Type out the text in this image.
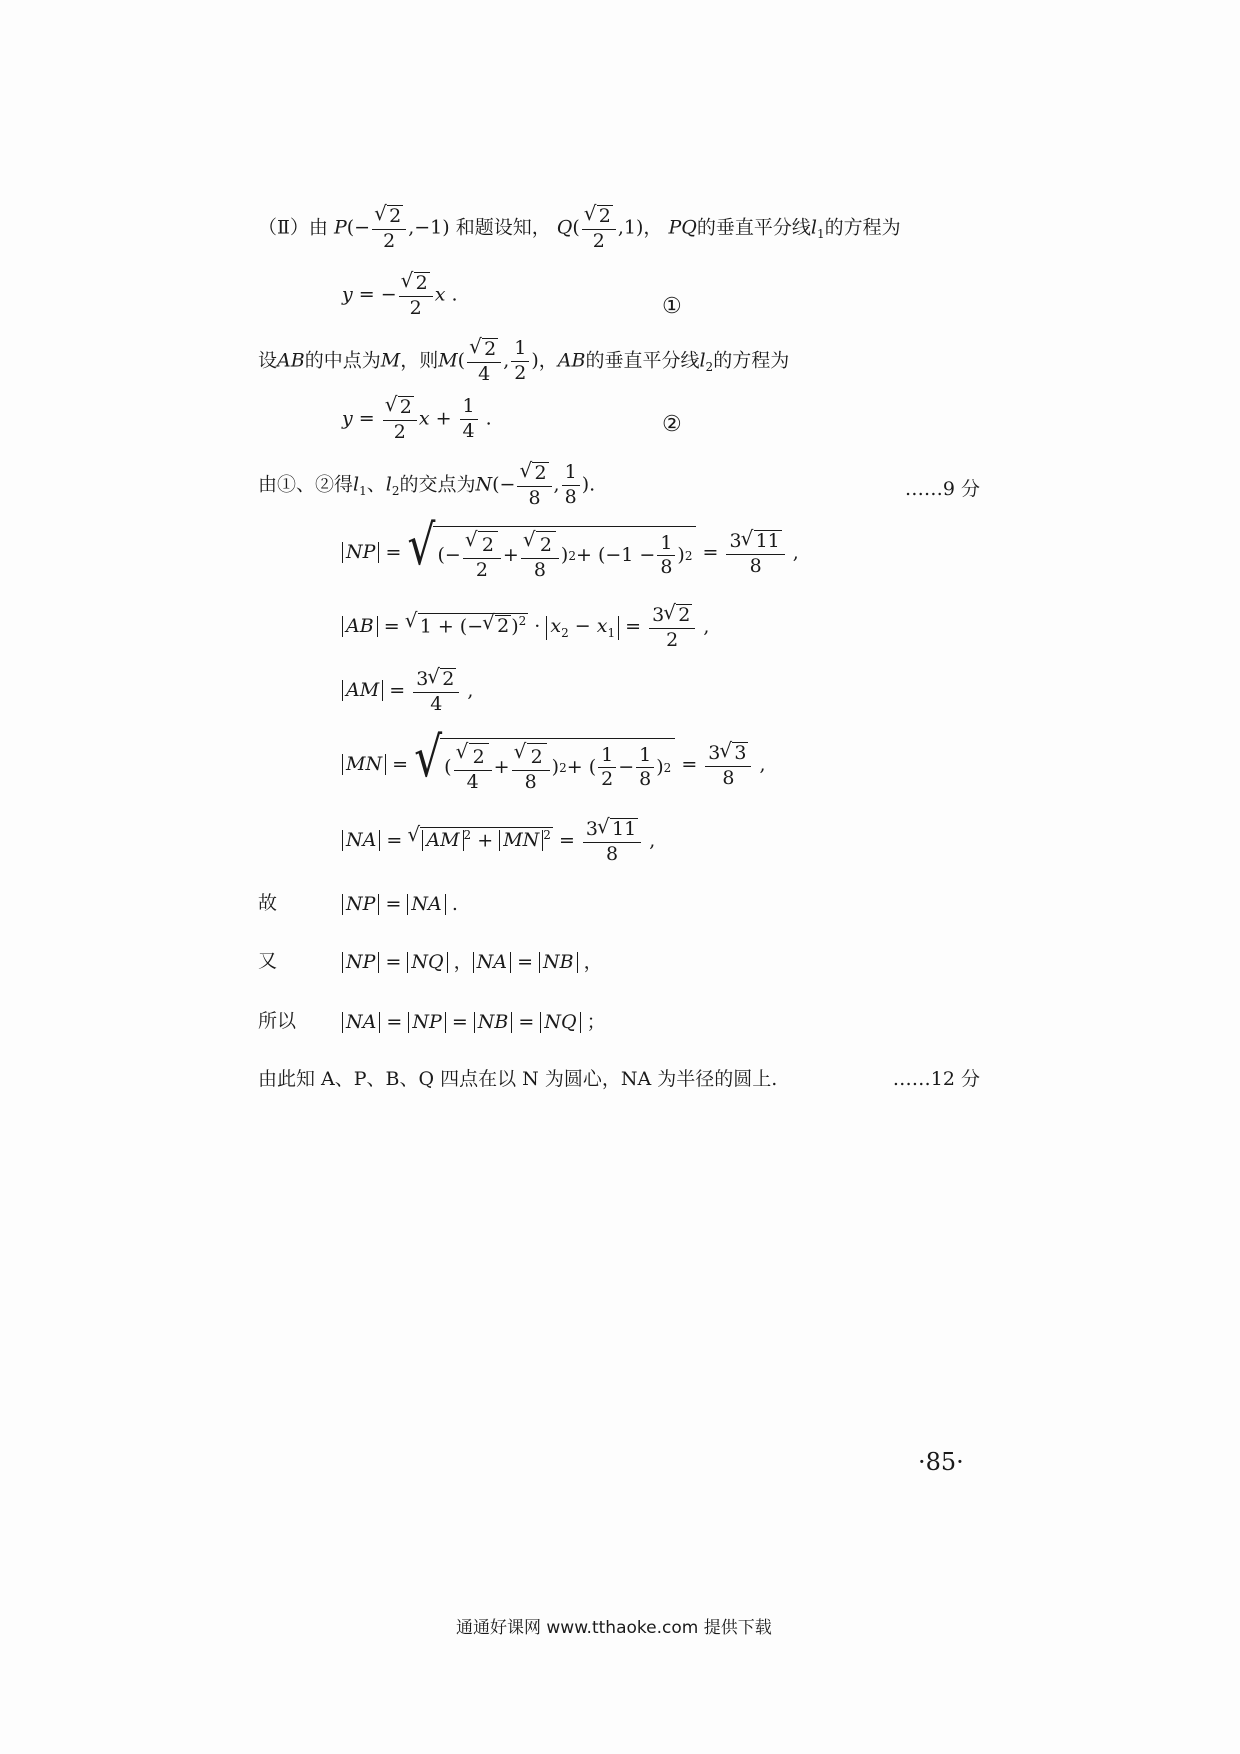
（Ⅱ）由 P(− √ $\frac{2}{2} ,-1$) 和题设知， Q( √ $\frac{2}{2} ,1$)， PQ的垂直平分线$l_1$的方程为
y = − √ $\frac{2}{2}$ x .	①
设AB的中点为M，则M( √ $\frac{2}{4}$ , $\frac{1}{2}$ )，AB的垂直平分线$l_2$的方程为
y = √ $\frac{2}{2}$ $x + \frac{1}{4}$ .	②
由①、②得$l_1$、$l_2$的交点为N(− √ $\frac{2}{8}$ , $\frac{1}{8}$ ).	……9 分
NP = √ (− √ $\frac{2}{2}$ + √ $\frac{2}{8}$ ) $2 + (-1 - \frac{1}{8}$ ) $2 = \frac{3 √ 11}{8}$ ,
AB = √ 1 + (− √ 2 )$^2 \cdot x_2 - x_1 = \frac{3 √ 2}{2}$ ,
AM = $\frac{3 √ 2}{4}$ ,
MN = √ ( √ $\frac{2}{4}$ + √ $\frac{2}{8}$ ) 2 + ( $\frac{1}{2} - \frac{1}{8}$ ) $2 = \frac{3 √ 3}{8}$ ,
NA = √ AM $^2$ + MN $^2 = \frac{3 √ 11}{8}$ ,
故	NP = NA .
又	NP = NQ ， NA = NB ，
所以	NA = NP = NB = NQ ；
由此知 A、P、B、Q 四点在以 N 为圆心，NA 为半径的圆上.	……12 分
·85·
通通好课网 www.tthaoke.com 提供下载
